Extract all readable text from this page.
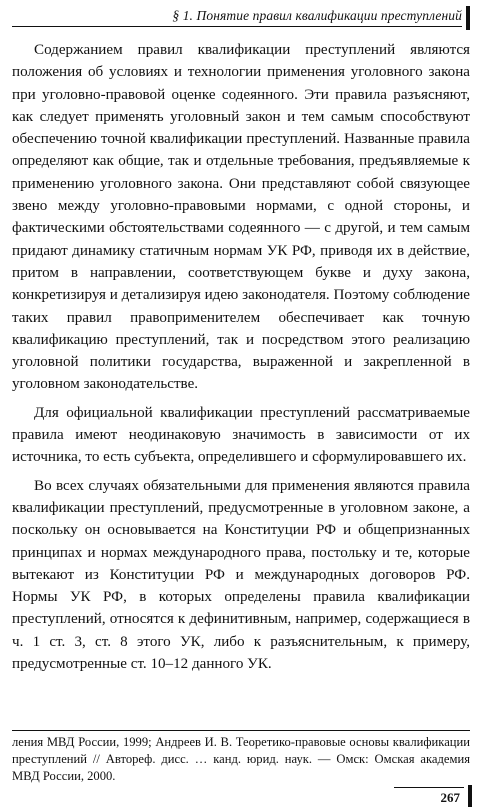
§ 1. Понятие правил квалификации преступлений

Содержанием правил квалификации преступлений являются положения об условиях и технологии применения уголовного закона при уголовно-правовой оценке содеянного. Эти правила разъясняют, как следует применять уголовный закон и тем самым способствуют обеспечению точной квалификации преступлений. Названные правила определяют как общие, так и отдельные требования, предъявляемые к применению уголовного закона. Они представляют собой связующее звено между уголовно-правовыми нормами, с одной стороны, и фактическими обстоятельствами содеянного — с другой, и тем самым придают динамику статичным нормам УК РФ, приводя их в действие, притом в направлении, соответствующем букве и духу закона, конкретизируя и детализируя идею законодателя. Поэтому соблюдение таких правил правоприменителем обеспечивает как точную квалификацию преступлений, так и посредством этого реализацию уголовной политики государства, выраженной и закрепленной в уголовном законодательстве.

Для официальной квалификации преступлений рассматриваемые правила имеют неодинаковую значимость в зависимости от их источника, то есть субъекта, определившего и сформулировавшего их.

Во всех случаях обязательными для применения являются правила квалификации преступлений, предусмотренные в уголовном законе, а поскольку он основывается на Конституции РФ и общепризнанных принципах и нормах международного права, постольку и те, которые вытекают из Конституции РФ и международных договоров РФ. Нормы УК РФ, в которых определены правила квалификации преступлений, относятся к дефинитивным, например, содержащиеся в ч. 1 ст. 3, ст. 8 этого УК, либо к разъяснительным, к примеру, предусмотренные ст. 10–12 данного УК.

ления МВД России, 1999; Андреев И. В. Теоретико-правовые основы квалификации преступлений // Автореф. дисс. … канд. юрид. наук. — Омск: Омская академия МВД России, 2000.

267
